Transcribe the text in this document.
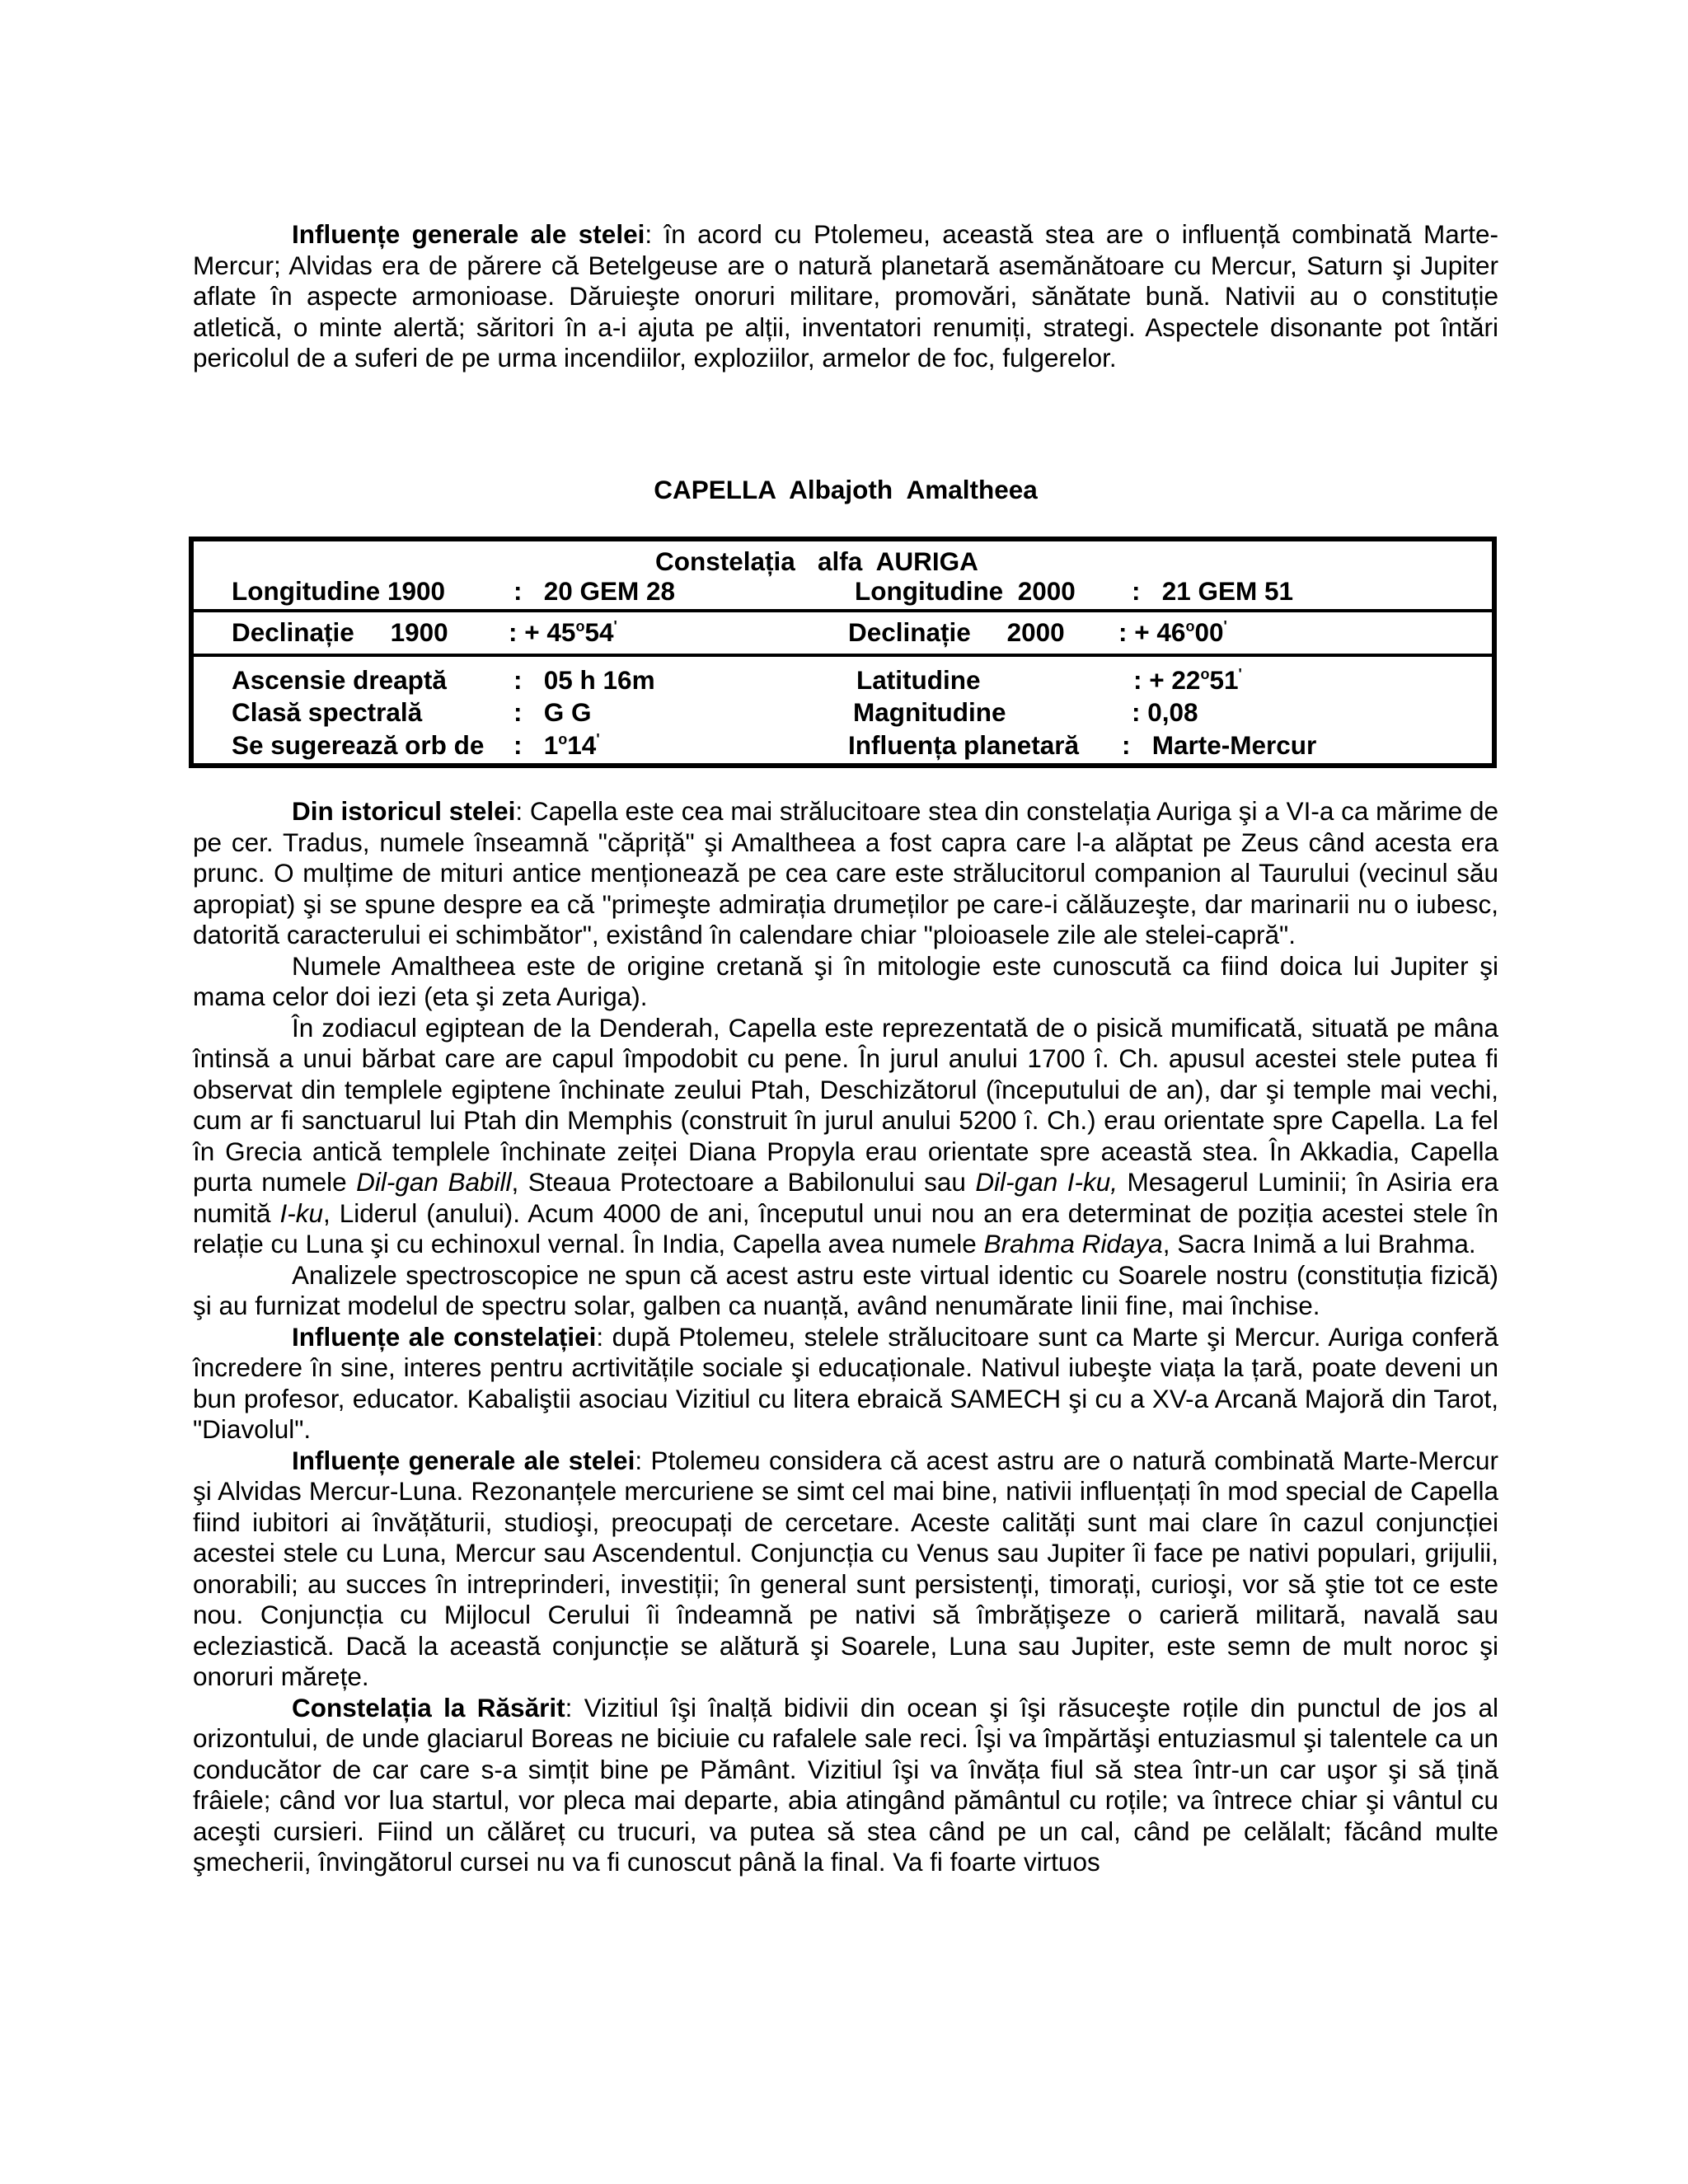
Influențe generale ale stelei: în acord cu Ptolemeu, această stea are o influență combinată Marte-Mercur; Alvidas era de părere că Betelgeuse are o natură planetară asemănătoare cu Mercur, Saturn şi Jupiter aflate în aspecte armonioase. Dăruieşte onoruri militare, promovări, sănătate bună. Nativii au o constituție atletică, o minte alertă; săritori în a-i ajuta pe alții, inventatori renumiți, strategi. Aspectele disonante pot întări pericolul de a suferi de pe urma incendiilor, exploziilor, armelor de foc, fulgerelor.

CAPELLA  Albajoth  Amaltheea
Constelația alfa  AURIGA
Longitudine 1900	:   20 GEM 28	Longitudine  2000 :   21 GEM 51
Declinație     1900 : + $45^o54'$	Declinație     2000 : + $46^o00'$
Ascensie dreaptă	:   05 h 16m	Latitudine	: + $22^o51'$
Clasă spectrală	:   G G	Magnitudine	: 0,08
Se sugerează orb de :   1$^o$14'	Influența planetară :   Marte-Mercur

Din istoricul stelei: Capella este cea mai strălucitoare stea din constelația Auriga şi a VI-a ca mărime de pe cer. Tradus, numele înseamnă "căpriță" şi Amaltheea a fost capra care l-a alăptat pe Zeus când acesta era prunc. O mulțime de mituri antice menționează pe cea care este strălucitorul companion al Taurului (vecinul său apropiat) şi se spune despre ea că "primeşte admirația drumeților pe care-i călăuzeşte, dar marinarii nu o iubesc, datorită caracterului ei schimbător", existând în calendare chiar "ploioasele zile ale stelei-capră".

Numele Amaltheea este de origine cretană şi în mitologie este cunoscută ca fiind doica lui Jupiter şi mama celor doi iezi (eta şi zeta Auriga).

În zodiacul egiptean de la Denderah, Capella este reprezentată de o pisică mumificată, situată pe mâna întinsă a unui bărbat care are capul împodobit cu pene. În jurul anului 1700 î. Ch. apusul acestei stele putea fi observat din templele egiptene închinate zeului Ptah, Deschizătorul (începutului de an), dar şi temple mai vechi, cum ar fi sanctuarul lui Ptah din Memphis (construit în jurul anului 5200 î. Ch.) erau orientate spre Capella. La fel în Grecia antică templele închinate zeiței Diana Propyla erau orientate spre această stea. În Akkadia, Capella purta numele Dil-gan Babill, Steaua Protectoare a Babilonului sau Dil-gan I-ku, Mesagerul Luminii; în Asiria era numită I-ku, Liderul (anului). Acum 4000 de ani, începutul unui nou an era determinat de poziția acestei stele în relație cu Luna şi cu echinoxul vernal. În India, Capella avea numele Brahma Ridaya, Sacra Inimă a lui Brahma.

Analizele spectroscopice ne spun că acest astru este virtual identic cu Soarele nostru (constituția fizică) şi au furnizat modelul de spectru solar, galben ca nuanță, având nenumărate linii fine, mai închise.

Influențe ale constelației: după Ptolemeu, stelele strălucitoare sunt ca Marte şi Mercur. Auriga conferă încredere în sine, interes pentru acrtivitățile sociale şi educaționale. Nativul iubeşte viața la țară, poate deveni un bun profesor, educator. Kabaliştii asociau Vizitiul cu litera ebraică SAMECH şi cu a XV-a Arcană Majoră din Tarot, "Diavolul".

Influențe generale ale stelei: Ptolemeu considera că acest astru are o natură combinată Marte-Mercur şi Alvidas Mercur-Luna. Rezonanțele mercuriene se simt cel mai bine, nativii influențați în mod special de Capella fiind iubitori ai învățăturii, studioşi, preocupați de cercetare. Aceste calități sunt mai clare în cazul conjuncției acestei stele cu Luna, Mercur sau Ascendentul. Conjuncția cu Venus sau Jupiter îi face pe nativi populari, grijulii, onorabili; au succes în intreprinderi, investiții; în general sunt persistenți, timorați, curioşi, vor să ştie tot ce este nou. Conjuncția cu Mijlocul Cerului îi îndeamnă pe nativi să îmbrățişeze o carieră militară, navală sau ecleziastică. Dacă la această conjuncție se alătură şi Soarele, Luna sau Jupiter, este semn de mult noroc şi onoruri mărețe.

Constelația la Răsărit: Vizitiul îşi înalță bidivii din ocean şi îşi răsuceşte roțile din punctul de jos al orizontului, de unde glaciarul Boreas ne biciuie cu rafalele sale reci. Îşi va împărtăşi entuziasmul şi talentele ca un conducător de car care s-a simțit bine pe Pământ. Vizitiul îşi va învăța fiul să stea într-un car uşor şi să țină frâiele; când vor lua startul, vor pleca mai departe, abia atingând pământul cu roțile; va întrece chiar şi vântul cu aceşti cursieri. Fiind un călăreț cu trucuri, va putea să stea când pe un cal, când pe celălalt; făcând multe şmecherii, învingătorul cursei nu va fi cunoscut până la final. Va fi foarte virtuos
